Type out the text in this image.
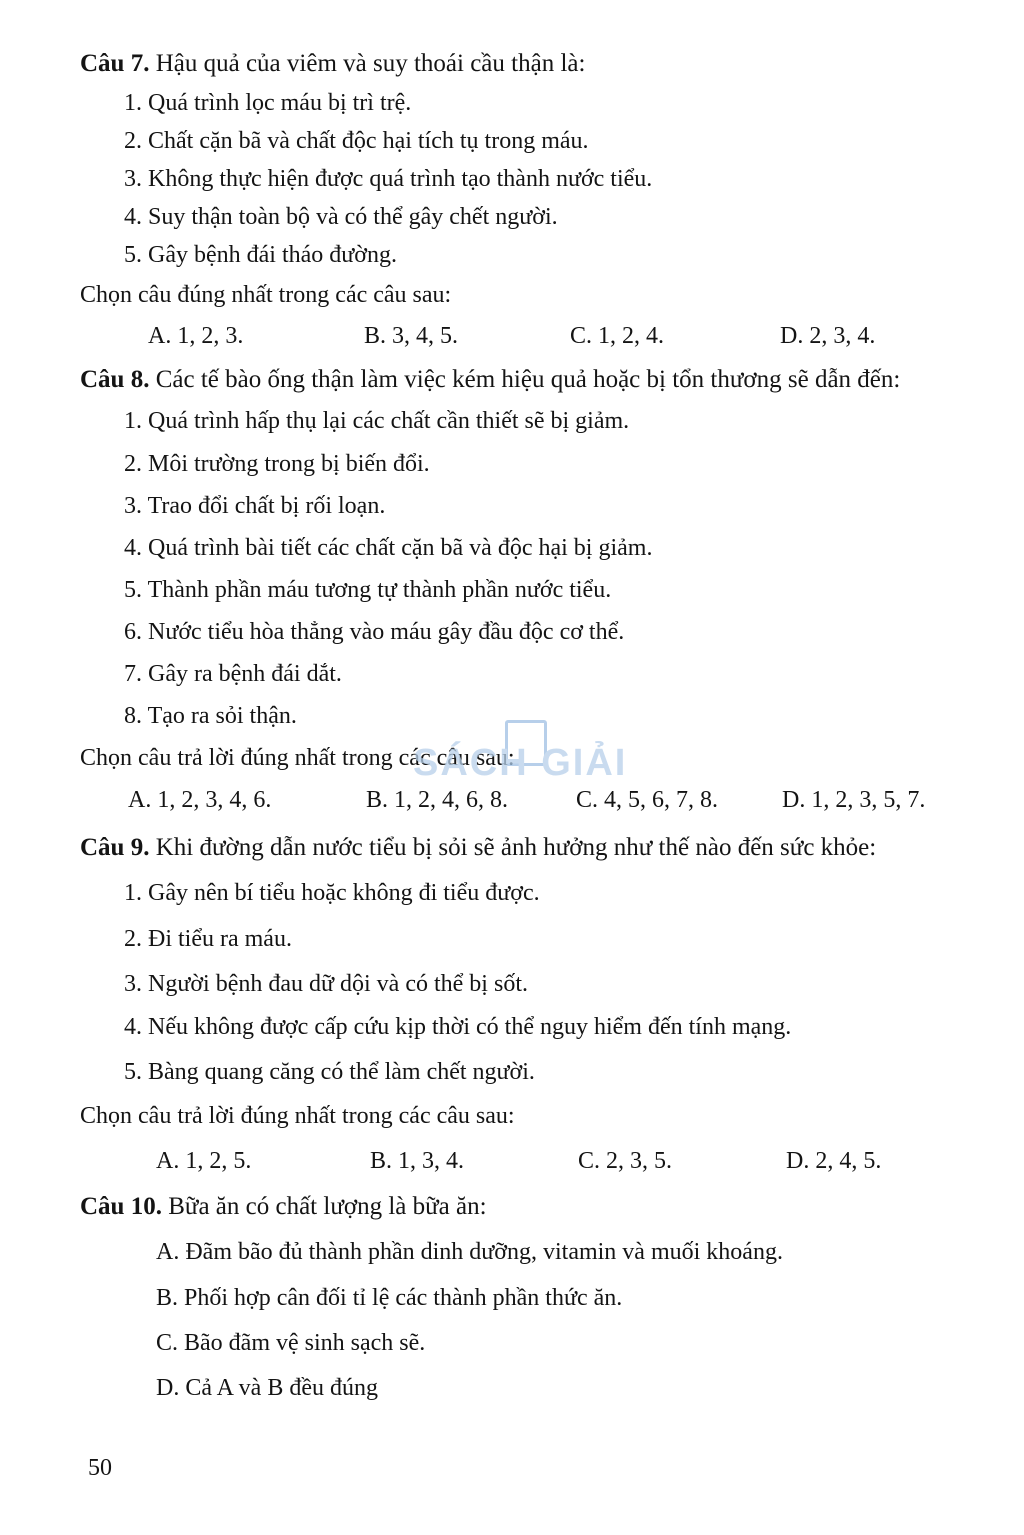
Câu 7. Hậu quả của viêm và suy thoái cầu thận là:
1. Quá trình lọc máu bị trì trệ.
2. Chất cặn bã và chất độc hại tích tụ trong máu.
3. Không thực hiện được quá trình tạo thành nước tiểu.
4. Suy thận toàn bộ và có thể gây chết người.
5. Gây bệnh đái tháo đường.
Chọn câu đúng nhất trong các câu sau:
A. 1, 2, 3.	B. 3, 4, 5.	C. 1, 2, 4.	D. 2, 3, 4.
Câu 8. Các tế bào ống thận làm việc kém hiệu quả hoặc bị tổn thương sẽ dẫn đến:
1. Quá trình hấp thụ lại các chất cần thiết sẽ bị giảm.
2. Môi trường trong bị biến đổi.
3. Trao đổi chất bị rối loạn.
4. Quá trình bài tiết các chất cặn bã và độc hại bị giảm.
5. Thành phần máu tương tự thành phần nước tiểu.
6. Nước tiểu hòa thẳng vào máu gây đầu độc cơ thể.
7. Gây ra bệnh đái dắt.
8. Tạo ra sỏi thận.
Chọn câu trả lời đúng nhất trong các câu sau:
A. 1, 2, 3, 4, 6.	B. 1, 2, 4, 6, 8.	C. 4, 5, 6, 7, 8.	D. 1, 2, 3, 5, 7.
Câu 9. Khi đường dẫn nước tiểu bị sỏi sẽ ảnh hưởng như thế nào đến sức khỏe:
1. Gây nên bí tiểu hoặc không đi tiểu được.
2. Đi tiểu ra máu.
3. Người bệnh đau dữ dội và có thể bị sốt.
4. Nếu không được cấp cứu kịp thời có thể nguy hiểm đến tính mạng.
5. Bàng quang căng có thể làm chết người.
Chọn câu trả lời đúng nhất trong các câu sau:
A. 1, 2, 5.	B. 1, 3, 4.	C. 2, 3, 5.	D. 2, 4, 5.
Câu 10. Bữa ăn có chất lượng là bữa ăn:
A. Đãm bão đủ thành phần dinh dưỡng, vitamin và muối khoáng.
B. Phối hợp cân đối tỉ lệ các thành phần thức ăn.
C. Bão đãm vệ sinh sạch sẽ.
D. Cả A và B đều đúng
SÁCH GIẢI
50
